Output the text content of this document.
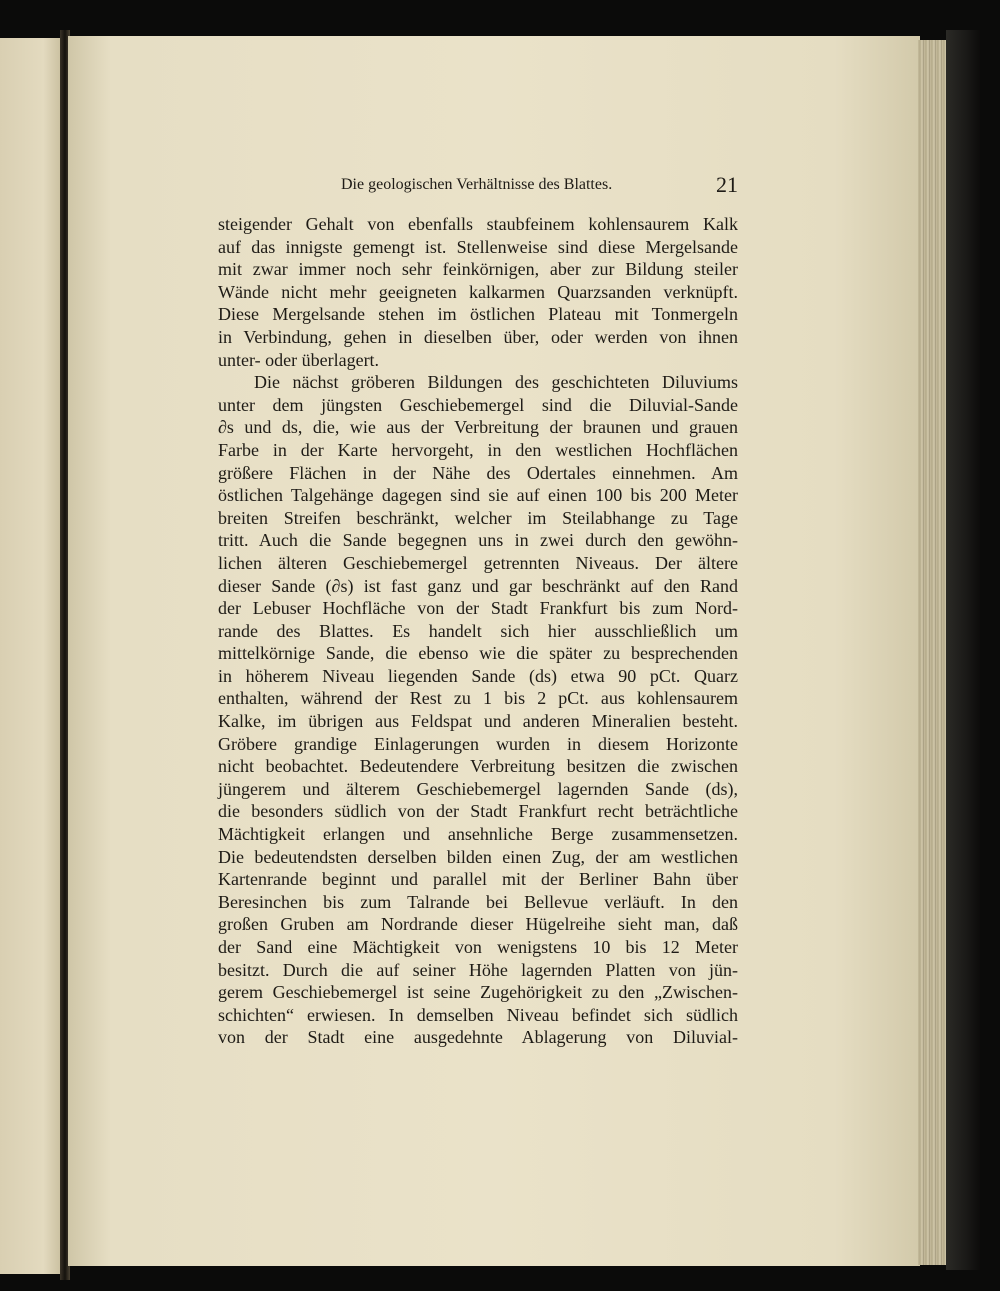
Die geologischen Verhältnisse des Blattes.	21
steigender Gehalt von ebenfalls staubfeinem kohlensaurem Kalk
auf das innigste gemengt ist. Stellenweise sind diese Mergelsande
mit zwar immer noch sehr feinkörnigen, aber zur Bildung steiler
Wände nicht mehr geeigneten kalkarmen Quarzsanden verknüpft.
Diese Mergelsande stehen im östlichen Plateau mit Tonmergeln
in Verbindung, gehen in dieselben über, oder werden von ihnen
unter- oder überlagert.
Die nächst gröberen Bildungen des geschichteten Diluviums
unter dem jüngsten Geschiebemergel sind die Diluvial-Sande
∂s und ds, die, wie aus der Verbreitung der braunen und grauen
Farbe in der Karte hervorgeht, in den westlichen Hochflächen
größere Flächen in der Nähe des Odertales einnehmen. Am
östlichen Talgehänge dagegen sind sie auf einen 100 bis 200 Meter
breiten Streifen beschränkt, welcher im Steilabhange zu Tage
tritt. Auch die Sande begegnen uns in zwei durch den gewöhn-
lichen älteren Geschiebemergel getrennten Niveaus. Der ältere
dieser Sande (∂s) ist fast ganz und gar beschränkt auf den Rand
der Lebuser Hochfläche von der Stadt Frankfurt bis zum Nord-
rande des Blattes. Es handelt sich hier ausschließlich um
mittelkörnige Sande, die ebenso wie die später zu besprechenden
in höherem Niveau liegenden Sande (ds) etwa 90 pCt. Quarz
enthalten, während der Rest zu 1 bis 2 pCt. aus kohlensaurem
Kalke, im übrigen aus Feldspat und anderen Mineralien besteht.
Gröbere grandige Einlagerungen wurden in diesem Horizonte
nicht beobachtet. Bedeutendere Verbreitung besitzen die zwischen
jüngerem und älterem Geschiebemergel lagernden Sande (ds),
die besonders südlich von der Stadt Frankfurt recht beträchtliche
Mächtigkeit erlangen und ansehnliche Berge zusammensetzen.
Die bedeutendsten derselben bilden einen Zug, der am westlichen
Kartenrande beginnt und parallel mit der Berliner Bahn über
Beresinchen bis zum Talrande bei Bellevue verläuft. In den
großen Gruben am Nordrande dieser Hügelreihe sieht man, daß
der Sand eine Mächtigkeit von wenigstens 10 bis 12 Meter
besitzt. Durch die auf seiner Höhe lagernden Platten von jün-
gerem Geschiebemergel ist seine Zugehörigkeit zu den „Zwischen-
schichten“ erwiesen. In demselben Niveau befindet sich südlich
von der Stadt eine ausgedehnte Ablagerung von Diluvial-
